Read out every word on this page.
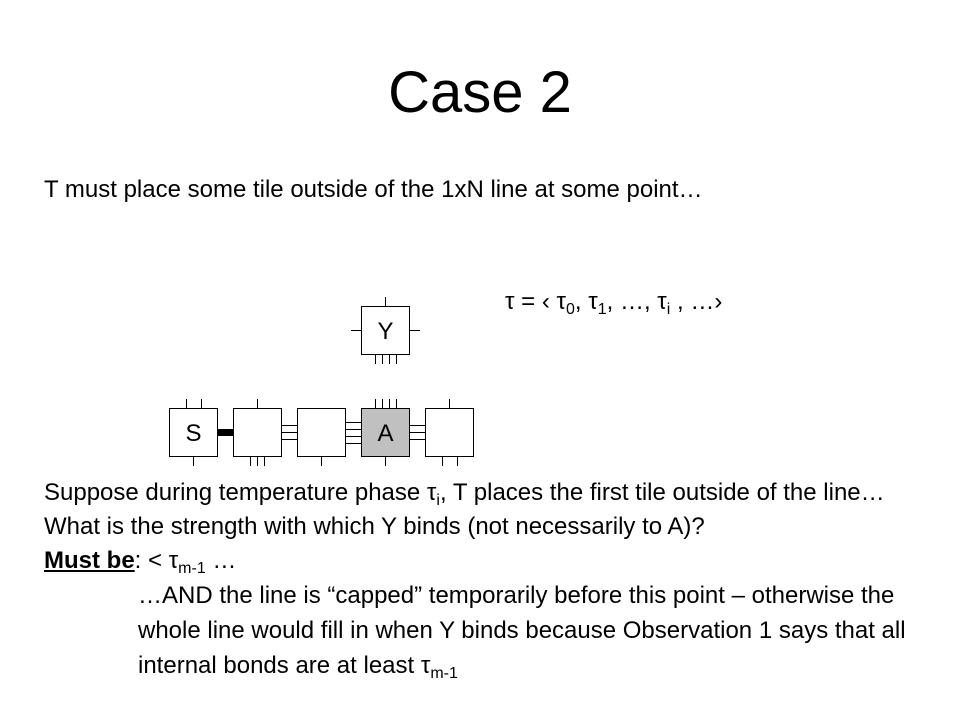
Case 2
T must place some tile outside of the 1xN line at some point…
τ = ‹ $\tau_0$, $\tau_1$, …, $\tau_i$ , …›
S	A
Y
Suppose during temperature phase $\tau_i$, T places the first tile outside of the line…
What is the strength with which Y binds (not necessarily to A)?
Must be: < $\tau_{m-1}$ …
…AND the line is “capped” temporarily before this point – otherwise the
whole line would fill in when Y binds because Observation 1 says that all
internal bonds are at least $\tau_{m-1}$
